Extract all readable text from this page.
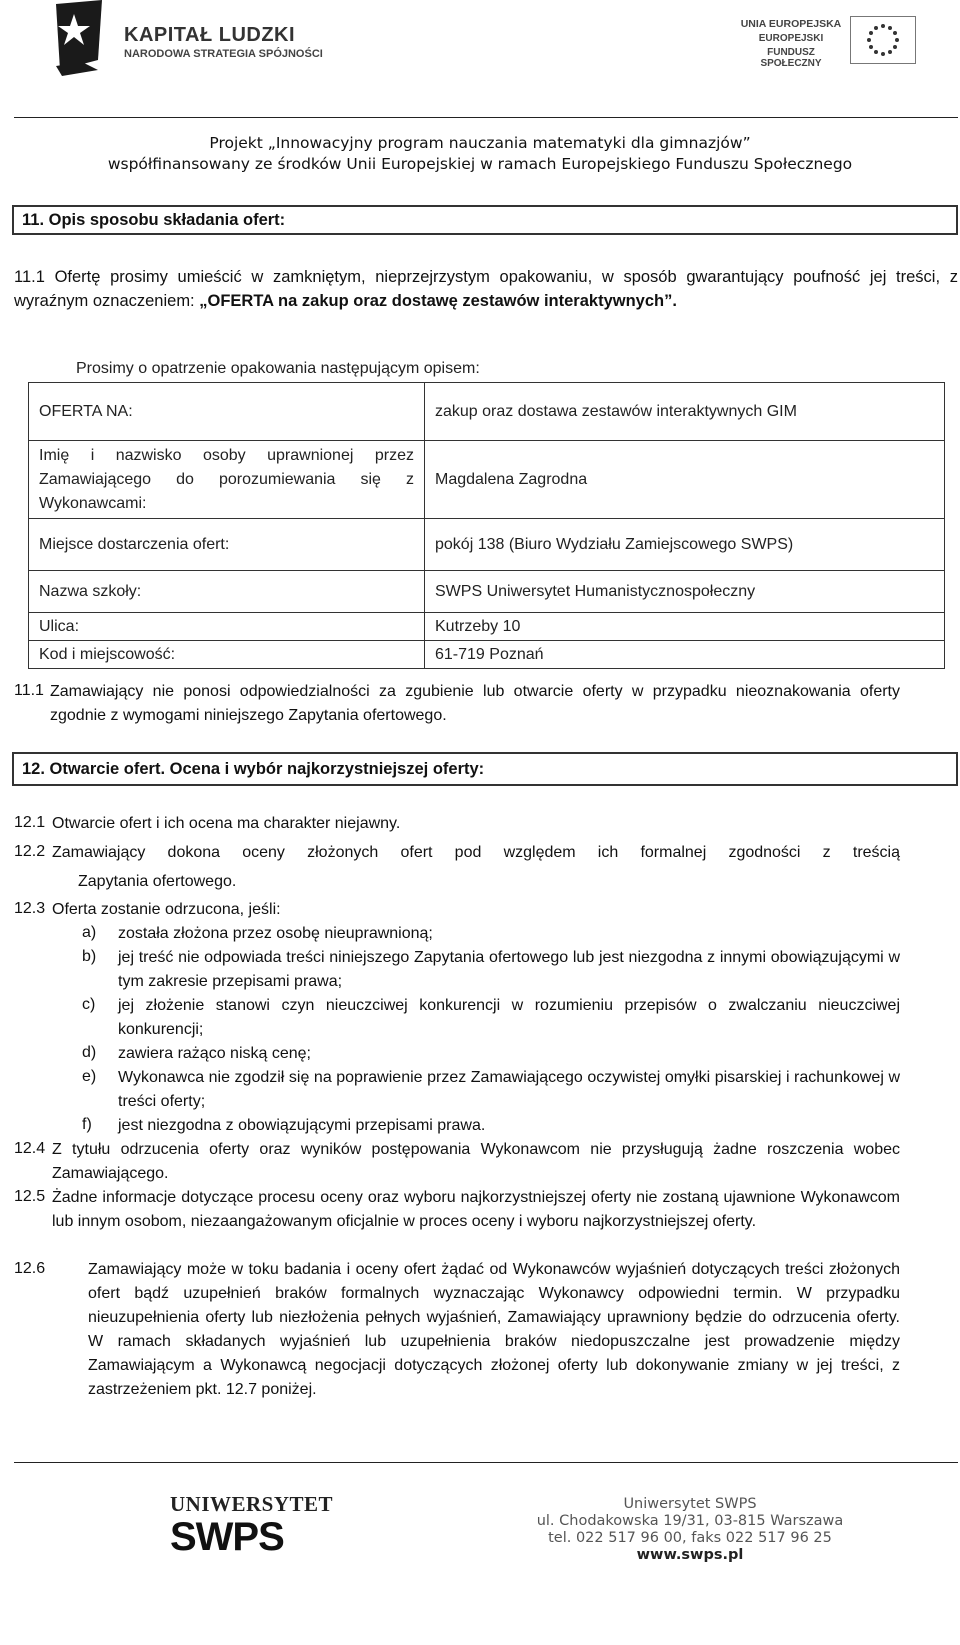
KAPITAŁ LUDZKI
NARODOWA STRATEGIA SPÓJNOŚCI
UNIA EUROPEJSKA
EUROPEJSKI
FUNDUSZ SPOŁECZNY
Projekt „Innowacyjny program nauczania matematyki dla gimnazjów”
współfinansowany ze środków Unii Europejskiej w ramach Europejskiego Funduszu Społecznego
11. Opis sposobu składania ofert:
11.1 Ofertę prosimy umieścić w zamkniętym, nieprzejrzystym opakowaniu, w sposób gwarantujący poufność jej treści, z wyraźnym oznaczeniem: „OFERTA na zakup oraz dostawę zestawów interaktywnych”.
Prosimy o opatrzenie opakowania następującym opisem:
OFERTA NA:	zakup oraz dostawa zestawów interaktywnych GIM
Imię i nazwisko osoby uprawnionej przez Zamawiającego do porozumiewania się z Wykonawcami:	Magdalena Zagrodna
Miejsce dostarczenia ofert:	pokój 138 (Biuro Wydziału Zamiejscowego SWPS)
Nazwa szkoły:	SWPS Uniwersytet Humanistycznospołeczny
Ulica:	Kutrzeby 10
Kod i miejscowość:	61-719 Poznań
11.1 Zamawiający nie ponosi odpowiedzialności za zgubienie lub otwarcie oferty w przypadku nieoznakowania oferty zgodnie z wymogami niniejszego Zapytania ofertowego.
12. Otwarcie ofert. Ocena i wybór najkorzystniejszej oferty:
12.1 Otwarcie ofert i ich ocena ma charakter niejawny.
12.2 Zamawiający dokona oceny złożonych ofert pod względem ich formalnej zgodności z treścią
Zapytania ofertowego.
12.3 Oferta zostanie odrzucona, jeśli:
a) została złożona przez osobę nieuprawnioną;
b) jej treść nie odpowiada treści niniejszego Zapytania ofertowego lub jest niezgodna z innymi obowiązującymi w tym zakresie przepisami prawa;
c) jej złożenie stanowi czyn nieuczciwej konkurencji w rozumieniu przepisów o zwalczaniu nieuczciwej konkurencji;
d) zawiera rażąco niską cenę;
e) Wykonawca nie zgodził się na poprawienie przez Zamawiającego oczywistej omyłki pisarskiej i rachunkowej w treści oferty;
f) jest niezgodna z obowiązującymi przepisami prawa.
12.4 Z tytułu odrzucenia oferty oraz wyników postępowania Wykonawcom nie przysługują żadne roszczenia wobec Zamawiającego.
12.5 Żadne informacje dotyczące procesu oceny oraz wyboru najkorzystniejszej oferty nie zostaną ujawnione Wykonawcom lub innym osobom, niezaangażowanym oficjalnie w proces oceny i wyboru najkorzystniejszej oferty.
12.6	Zamawiający może w toku badania i oceny ofert żądać od Wykonawców wyjaśnień dotyczących treści złożonych ofert bądź uzupełnień braków formalnych wyznaczając Wykonawcy odpowiedni termin. W przypadku nieuzupełnienia oferty lub niezłożenia pełnych wyjaśnień, Zamawiający uprawniony będzie do odrzucenia oferty. W ramach składanych wyjaśnień lub uzupełnienia braków niedopuszczalne jest prowadzenie między Zamawiającym a Wykonawcą negocjacji dotyczących złożonej oferty lub dokonywanie zmiany w jej treści, z zastrzeżeniem pkt. 12.7 poniżej.
UNIWERSYTET
SWPS
Uniwersytet SWPS
ul. Chodakowska 19/31, 03-815 Warszawa
tel. 022 517 96 00, faks 022 517 96 25
www.swps.pl
